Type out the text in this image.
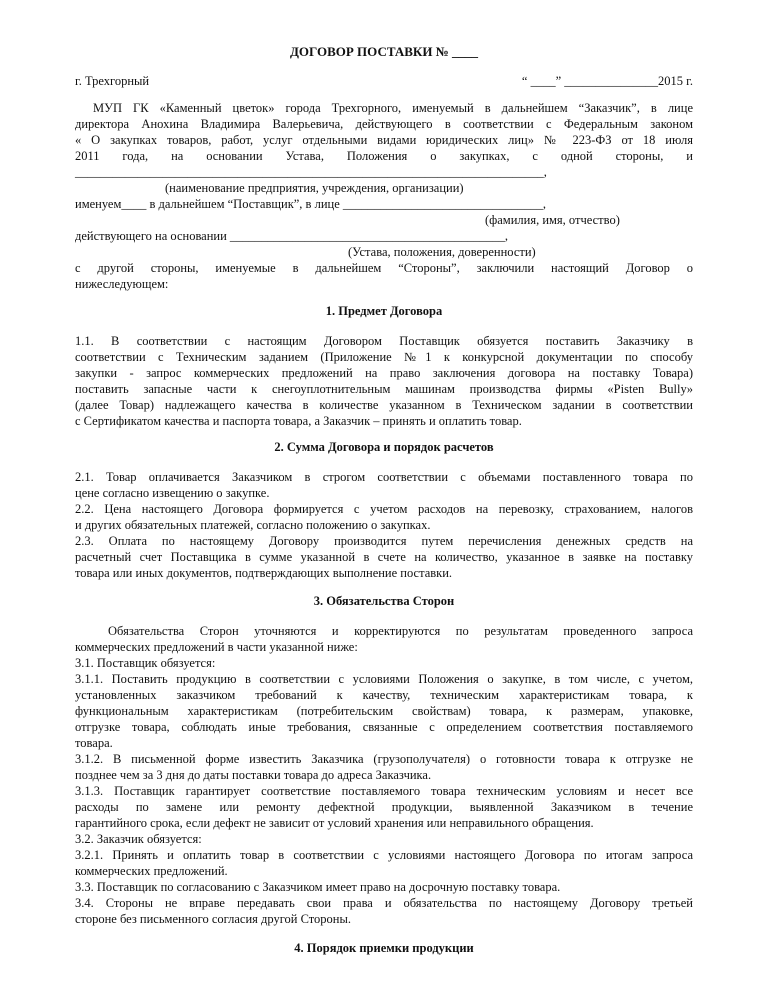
ДОГОВОР ПОСТАВКИ № ____
г. Трехгорный	“ ____” _______________2015 г.
МУП ГК «Каменный цветок» города Трехгорного, именуемый в дальнейшем “Заказчик”, в лице
директора Анохина Владимира Валерьевича, действующего в соответствии с Федеральным законом
« О закупках товаров, работ, услуг отдельными видами юридических лиц» № 223-ФЗ от 18 июля
2011 года, на основании Устава, Положения о закупках, с одной стороны, и
___________________________________________________________________________,
(наименование предприятия, учреждения, организации)
именуем____ в дальнейшем “Поставщик”, в лице ________________________________,
(фамилия, имя, отчество)
действующего на основании ____________________________________________,
(Устава, положения, доверенности)
с другой стороны, именуемые в дальнейшем “Стороны”, заключили настоящий Договор о
нижеследующем:
1. Предмет Договора
1.1. В соответствии с настоящим Договором Поставщик обязуется поставить Заказчику в
соответствии с Техническим заданием (Приложение №1 к конкурсной документации по способу
закупки - запрос коммерческих предложений на право заключения договора на поставку Товара)
поставить запасные части к снегоуплотнительным машинам производства фирмы «Pisten Bully»
(далее Товар) надлежащего качества в количестве указанном в Техническом задании в соответствии
с Сертификатом качества и паспорта товара, а Заказчик – принять и оплатить товар.
2. Сумма Договора и порядок расчетов
2.1. Товар оплачивается Заказчиком в строгом соответствии с объемами поставленного товара по
цене согласно извещению о закупке.
2.2. Цена настоящего Договора формируется с учетом расходов на перевозку, страхованием, налогов
и других обязательных платежей, согласно положению о закупках.
2.3. Оплата по настоящему Договору производится путем перечисления денежных средств на
расчетный счет Поставщика в сумме указанной в счете на количество, указанное в заявке на поставку
товара или иных документов, подтверждающих выполнение поставки.
3. Обязательства Сторон
Обязательства Сторон уточняются и корректируются по результатам проведенного запроса
коммерческих предложений в части указанной ниже:
3.1. Поставщик обязуется:
3.1.1. Поставить продукцию в соответствии с условиями Положения о закупке, в том числе, с учетом,
установленных заказчиком требований к качеству, техническим характеристикам товара, к
функциональным характеристикам (потребительским свойствам) товара, к размерам, упаковке,
отгрузке товара, соблюдать иные требования, связанные с определением соответствия поставляемого
товара.
3.1.2. В письменной форме известить Заказчика (грузополучателя) о готовности товара к отгрузке не
позднее чем за 3 дня до даты поставки товара до адреса Заказчика.
3.1.3. Поставщик гарантирует соответствие поставляемого товара техническим условиям и несет все
расходы по замене или ремонту дефектной продукции, выявленной Заказчиком в течение
гарантийного срока, если дефект не зависит от условий хранения или неправильного обращения.
3.2. Заказчик обязуется:
3.2.1. Принять и оплатить товар в соответствии с условиями настоящего Договора по итогам запроса
коммерческих предложений.
3.3. Поставщик по согласованию с Заказчиком имеет право на досрочную поставку товара.
3.4. Стороны не вправе передавать свои права и обязательства по настоящему Договору третьей
стороне без письменного согласия другой Стороны.
4. Порядок приемки продукции
